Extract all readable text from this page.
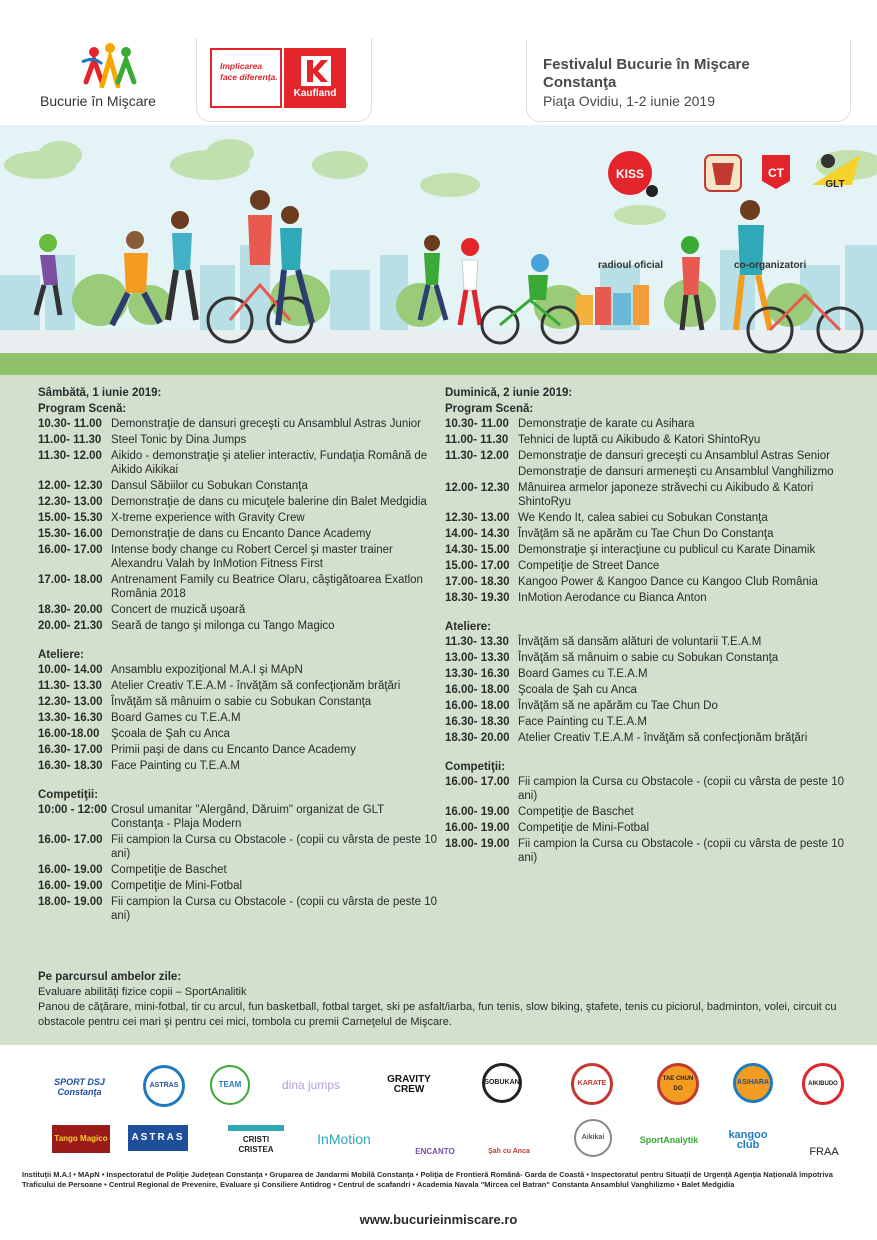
Bucurie în Mişcare
Implicarea face diferenţa.
Kaufland
Festivalul Bucurie în Mişcare
Constanţa
Piaţa Ovidiu, 1-2 iunie 2019
KISS	CT
GLT
radioul oficial	co-organizatori
Sâmbătă, 1 iunie 2019:
Program Scenă:
10.30- 11.00 Demonstraţie de dansuri greceşti cu Ansamblul Astras Junior
11.00- 11.30 Steel Tonic by Dina Jumps
11.30- 12.00 Aikido - demonstraţie şi atelier interactiv, Fundaţia Română de Aikido Aikikai
12.00- 12.30 Dansul Săbiilor cu Sobukan Constanţa
12.30- 13.00 Demonstraţie de dans cu micuţele balerine din Balet Medgidia
15.00- 15.30 X-treme experience with Gravity Crew
15.30- 16.00 Demonstraţie de dans cu Encanto Dance Academy
16.00- 17.00 Intense body change cu Robert Cercel şi master trainer Alexandru Valah by InMotion Fitness First
17.00- 18.00 Antrenament Family cu Beatrice Olaru, câştigătoarea Exatlon România 2018
18.30- 20.00 Concert de muzică uşoară
20.00- 21.30 Seară de tango şi milonga cu Tango Magico
Ateliere:
10.00- 14.00 Ansamblu expoziţional M.A.I şi MApN
11.30- 13.30 Atelier Creativ T.E.A.M - învăţăm să confecţionăm brăţări
12.30- 13.00 Învăţăm să mânuim o sabie cu Sobukan Constanţa
13.30- 16.30 Board Games cu T.E.A.M
16.00-18.00	Şcoala de Şah cu Anca
16.30- 17.00 Primii paşi de dans cu Encanto Dance Academy
16.30- 18.30 Face Painting cu T.E.A.M
Competiţii:
10:00 - 12:00 Crosul umanitar "Alergând, Dăruim" organizat de GLT Constanţa - Plaja Modern
16.00- 17.00 Fii campion la Cursa cu Obstacole - (copii cu vârsta de peste 10 ani)
16.00- 19.00 Competiţie de Baschet
16.00- 19.00 Competiţie de Mini-Fotbal
18.00- 19.00 Fii campion la Cursa cu Obstacole - (copii cu vârsta de peste 10 ani)
Duminică, 2 iunie 2019:
Program Scenă:
10.30- 11.00 Demonstraţie de karate cu Asihara
11.00- 11.30 Tehnici de luptă cu Aikibudo & Katori ShintoRyu
11.30- 12.00 Demonstraţie de dansuri greceşti cu Ansamblul Astras Senior
Demonstraţie de dansuri armeneşti cu Ansamblul Vanghilizmo
12.00- 12.30 Mânuirea armelor japoneze străvechi cu Aikibudo & Katori ShintoRyu
12.30- 13.00 We Kendo It, calea sabiei cu Sobukan Constanţa
14.00- 14.30 Învăţăm să ne apărăm cu Tae Chun Do Constanţa
14.30- 15.00 Demonstraţie şi interacţiune cu publicul cu Karate Dinamik
15.00- 17.00 Competiţie de Street Dance
17.00- 18.30 Kangoo Power & Kangoo Dance cu Kangoo Club România
18.30- 19.30 InMotion Aerodance cu Bianca Anton
Ateliere:
11.30- 13.30 Învăţăm să dansăm alături de voluntarii T.E.A.M
13.00- 13.30 Învăţăm să mânuim o sabie cu Sobukan Constanţa
13.30- 16.30 Board Games cu T.E.A.M
16.00- 18.00 Şcoala de Şah cu Anca
16.00- 18.00 Învăţăm să ne apărăm cu Tae Chun Do
16.30- 18.30 Face Painting cu T.E.A.M
18.30- 20.00 Atelier Creativ T.E.A.M - învăţăm să confecţionăm brăţări
Competiţii:
16.00- 17.00 Fii campion la Cursa cu Obstacole - (copii cu vârsta de peste 10 ani)
16.00- 19.00 Competiţie de Baschet
16.00- 19.00 Competiţie de Mini-Fotbal
18.00- 19.00 Fii campion la Cursa cu Obstacole - (copii cu vârsta de peste 10 ani)
Pe parcursul ambelor zile:
Evaluare abilităţi fizice copii – SportAnalitik
Panou de căţărare, mini-fotbal, tir cu arcul, fun basketball, fotbal target, ski pe asfalt/iarba, fun tenis, slow biking, ştafete, tenis cu piciorul, badminton, volei, circuit cu obstacole pentru cei mari şi pentru cei mici, tombola cu premii Carneţelul de Mişcare.
SPORT DSJ Constanţa
ASTRAS	TEAM	dina jumps	GRAVITY CREW
SOBUKAN	KARATE
TAE CHUN DO
ASIHARA	AIKIBUDO
Tango Magico	ASTRAS	CRISTI CRISTEA
InMotion
ENCANTO	Şah cu Anca
Aikikai	SportAnalytik	kangoo club
FRAA
Instituţii M.A.I • MApN • Inspectoratul de Poliţie Judeţean Constanţa • Gruparea de Jandarmi Mobilă Constanţa • Poliţia de Frontieră Română- Garda de Coastă • Inspectoratul pentru Situaţii de Urgenţă Agenţia Naţională împotriva Traficului de Persoane • Centrul Regional de Prevenire, Evaluare şi Consiliere Antidrog • Centrul de scafandri • Academia Navala "Mircea cel Batran" Constanta Ansamblul Vanghilizmo • Balet Medgidia
www.bucurieinmiscare.ro
